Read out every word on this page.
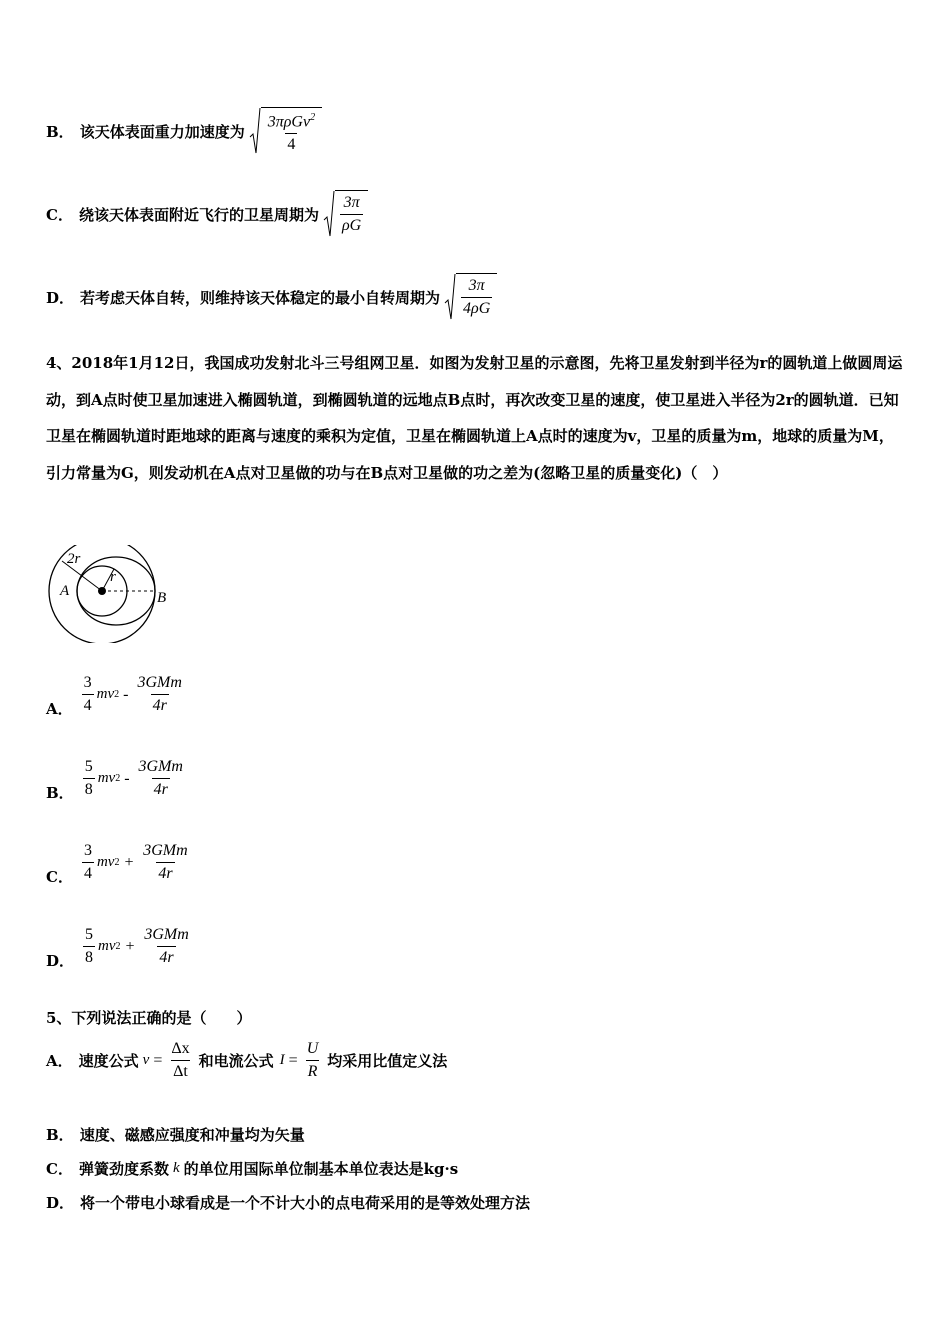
B． 该天体表面重力加速度为 $\frac{3\pi\rho Gv^2}{4}$
C． 绕该天体表面附近飞行的卫星周期为 $\frac{3\pi}{\rho G}$
D． 若考虑天体自转，则维持该天体稳定的最小自转周期为 $\frac{3\pi}{4\rho G}$
4、2018年1月12日，我国成功发射北斗三号组网卫星．如图为发射卫星的示意图，先将卫星发射到半径为r的圆轨道上做圆周运动，到A点时使卫星加速进入椭圆轨道，到椭圆轨道的远地点B点时，再次改变卫星的速度，使卫星进入半径为2r的圆轨道．已知卫星在椭圆轨道时距地球的距离与速度的乘积为定值，卫星在椭圆轨道上A点时的速度为v，卫星的质量为m，地球的质量为M，引力常量为G，则发动机在A点对卫星做的功与在B点对卫星做的功之差为(忽略卫星的质量变化)（　）
2r
r
A	B
A． $\frac{3}{4}$ mv $2 - \frac{\text{3GMm}}{4r}$
B． $\frac{5}{8}$ mv $2 - \frac{\text{3GMm}}{4r}$
C． $\frac{3}{4}$ mv $2 + \frac{\text{3GMm}}{4r}$
D． $\frac{5}{8}$ mv $2 + \frac{\text{3GMm}}{4r}$
5、下列说法正确的是（　　）
A． 速度公式 $v = \frac{\Delta x}{\Delta t}$ 和电流公式 $I = \frac{U}{R}$ 均采用比值定义法
B． 速度、磁感应强度和冲量均为矢量
C． 弹簧劲度系数 k 的单位用国际单位制基本单位表达是kg·s
D． 将一个带电小球看成是一个不计大小的点电荷采用的是等效处理方法
